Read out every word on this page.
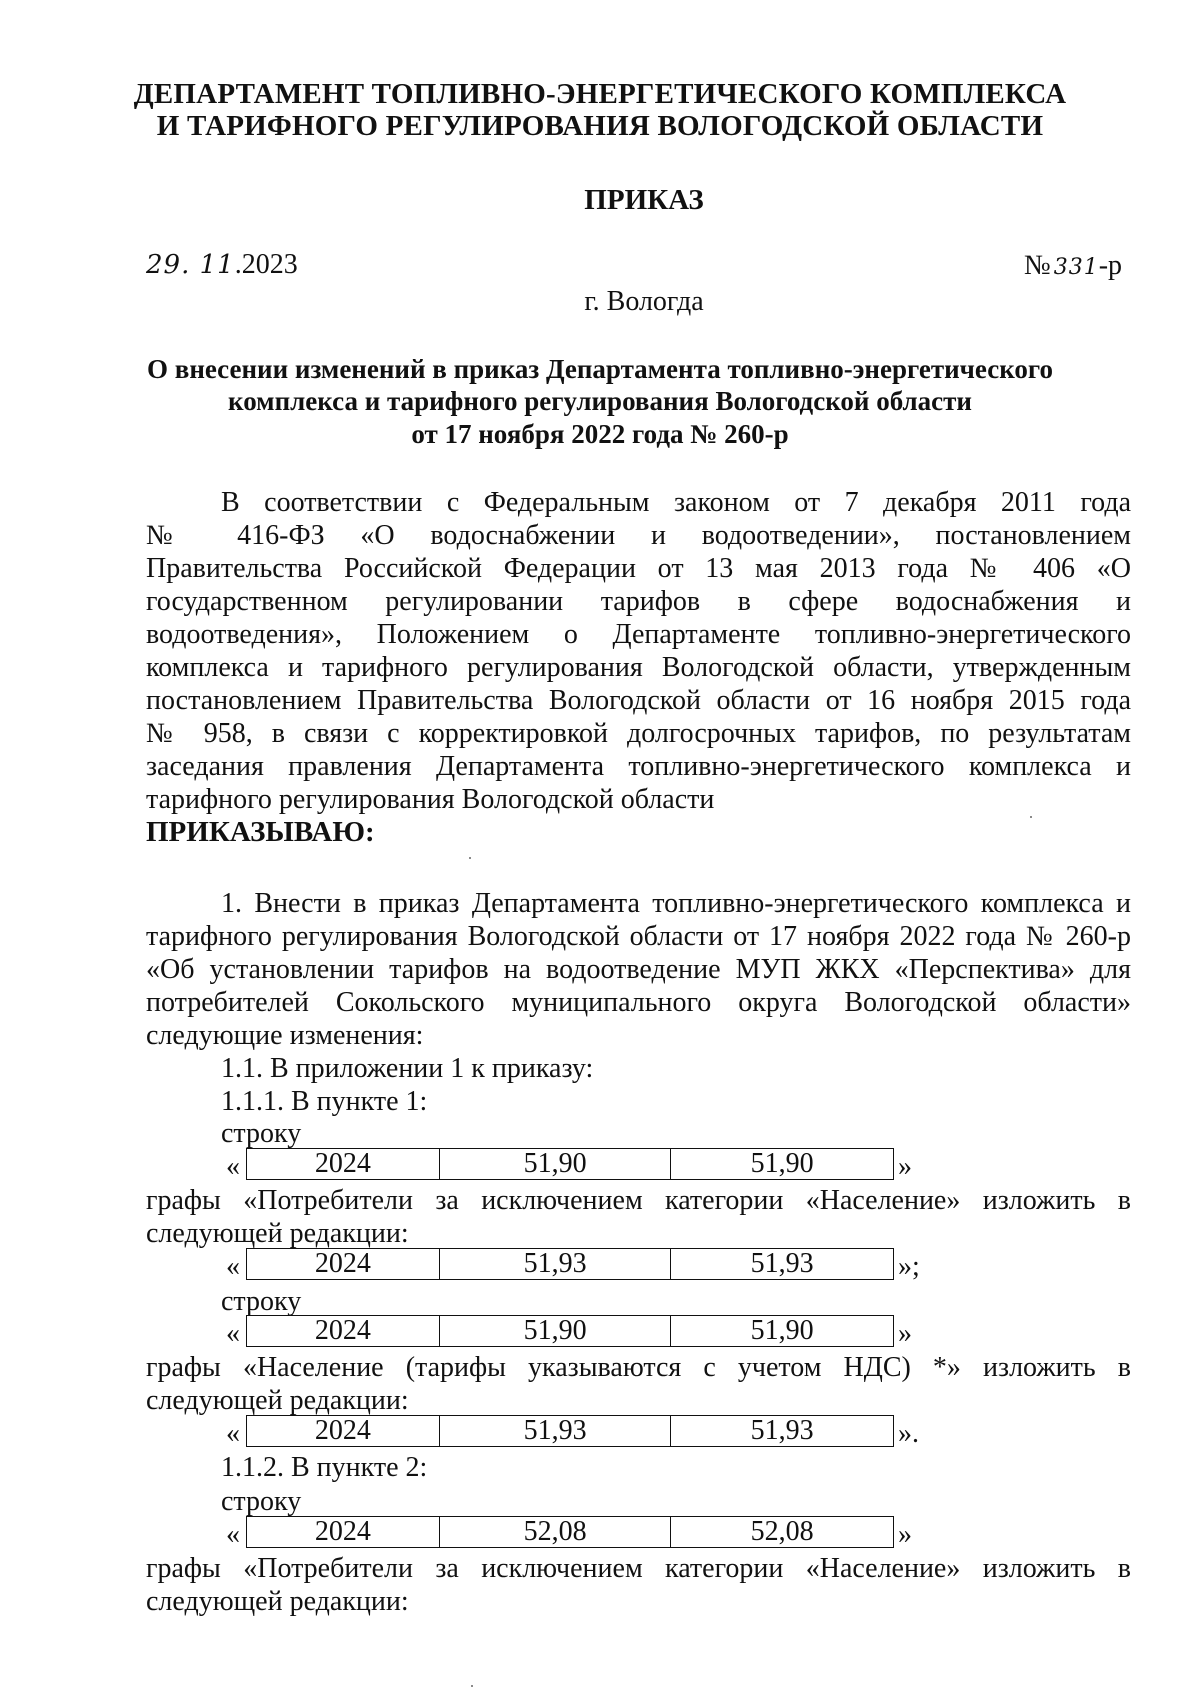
ДЕПАРТАМЕНТ ТОПЛИВНО-ЭНЕРГЕТИЧЕСКОГО КОМПЛЕКСА
И ТАРИФНОГО РЕГУЛИРОВАНИЯ ВОЛОГОДСКОЙ ОБЛАСТИ
ПРИКАЗ
29. 11.2023	№ 331-р
г. Вологда
О внесении изменений в приказ Департамента топливно-энергетического
комплекса и тарифного регулирования Вологодской области
от 17 ноября 2022 года № 260-р
В соответствии с Федеральным законом от 7 декабря 2011 года
№ 416-ФЗ «О водоснабжении и водоотведении», постановлением
Правительства Российской Федерации от 13 мая 2013 года № 406 «О
государственном регулировании тарифов в сфере водоснабжения и
водоотведения», Положением о Департаменте топливно-энергетического
комплекса и тарифного регулирования Вологодской области, утвержденным
постановлением Правительства Вологодской области от 16 ноября 2015 года
№ 958, в связи с корректировкой долгосрочных тарифов, по результатам
заседания правления Департамента топливно-энергетического комплекса и
тарифного регулирования Вологодской области
ПРИКАЗЫВАЮ:
1. Внести в приказ Департамента топливно-энергетического комплекса и
тарифного регулирования Вологодской области от 17 ноября 2022 года № 260-р
«Об установлении тарифов на водоотведение МУП ЖКХ «Перспектива» для
потребителей Сокольского муниципального округа Вологодской области»
следующие изменения:
1.1. В приложении 1 к приказу:
1.1.1. В пункте 1:
строку
«	2024	51,90	51,90	»
графы «Потребители за исключением категории «Население» изложить в
следующей редакции:
«	2024	51,93	51,93	»;
строку
«	2024	51,90	51,90	»
графы «Население (тарифы указываются с учетом НДС) *» изложить в
следующей редакции:
«	2024	51,93	51,93	».
1.1.2. В пункте 2:
строку
«	2024	52,08	52,08	»
графы «Потребители за исключением категории «Население» изложить в
следующей редакции:
